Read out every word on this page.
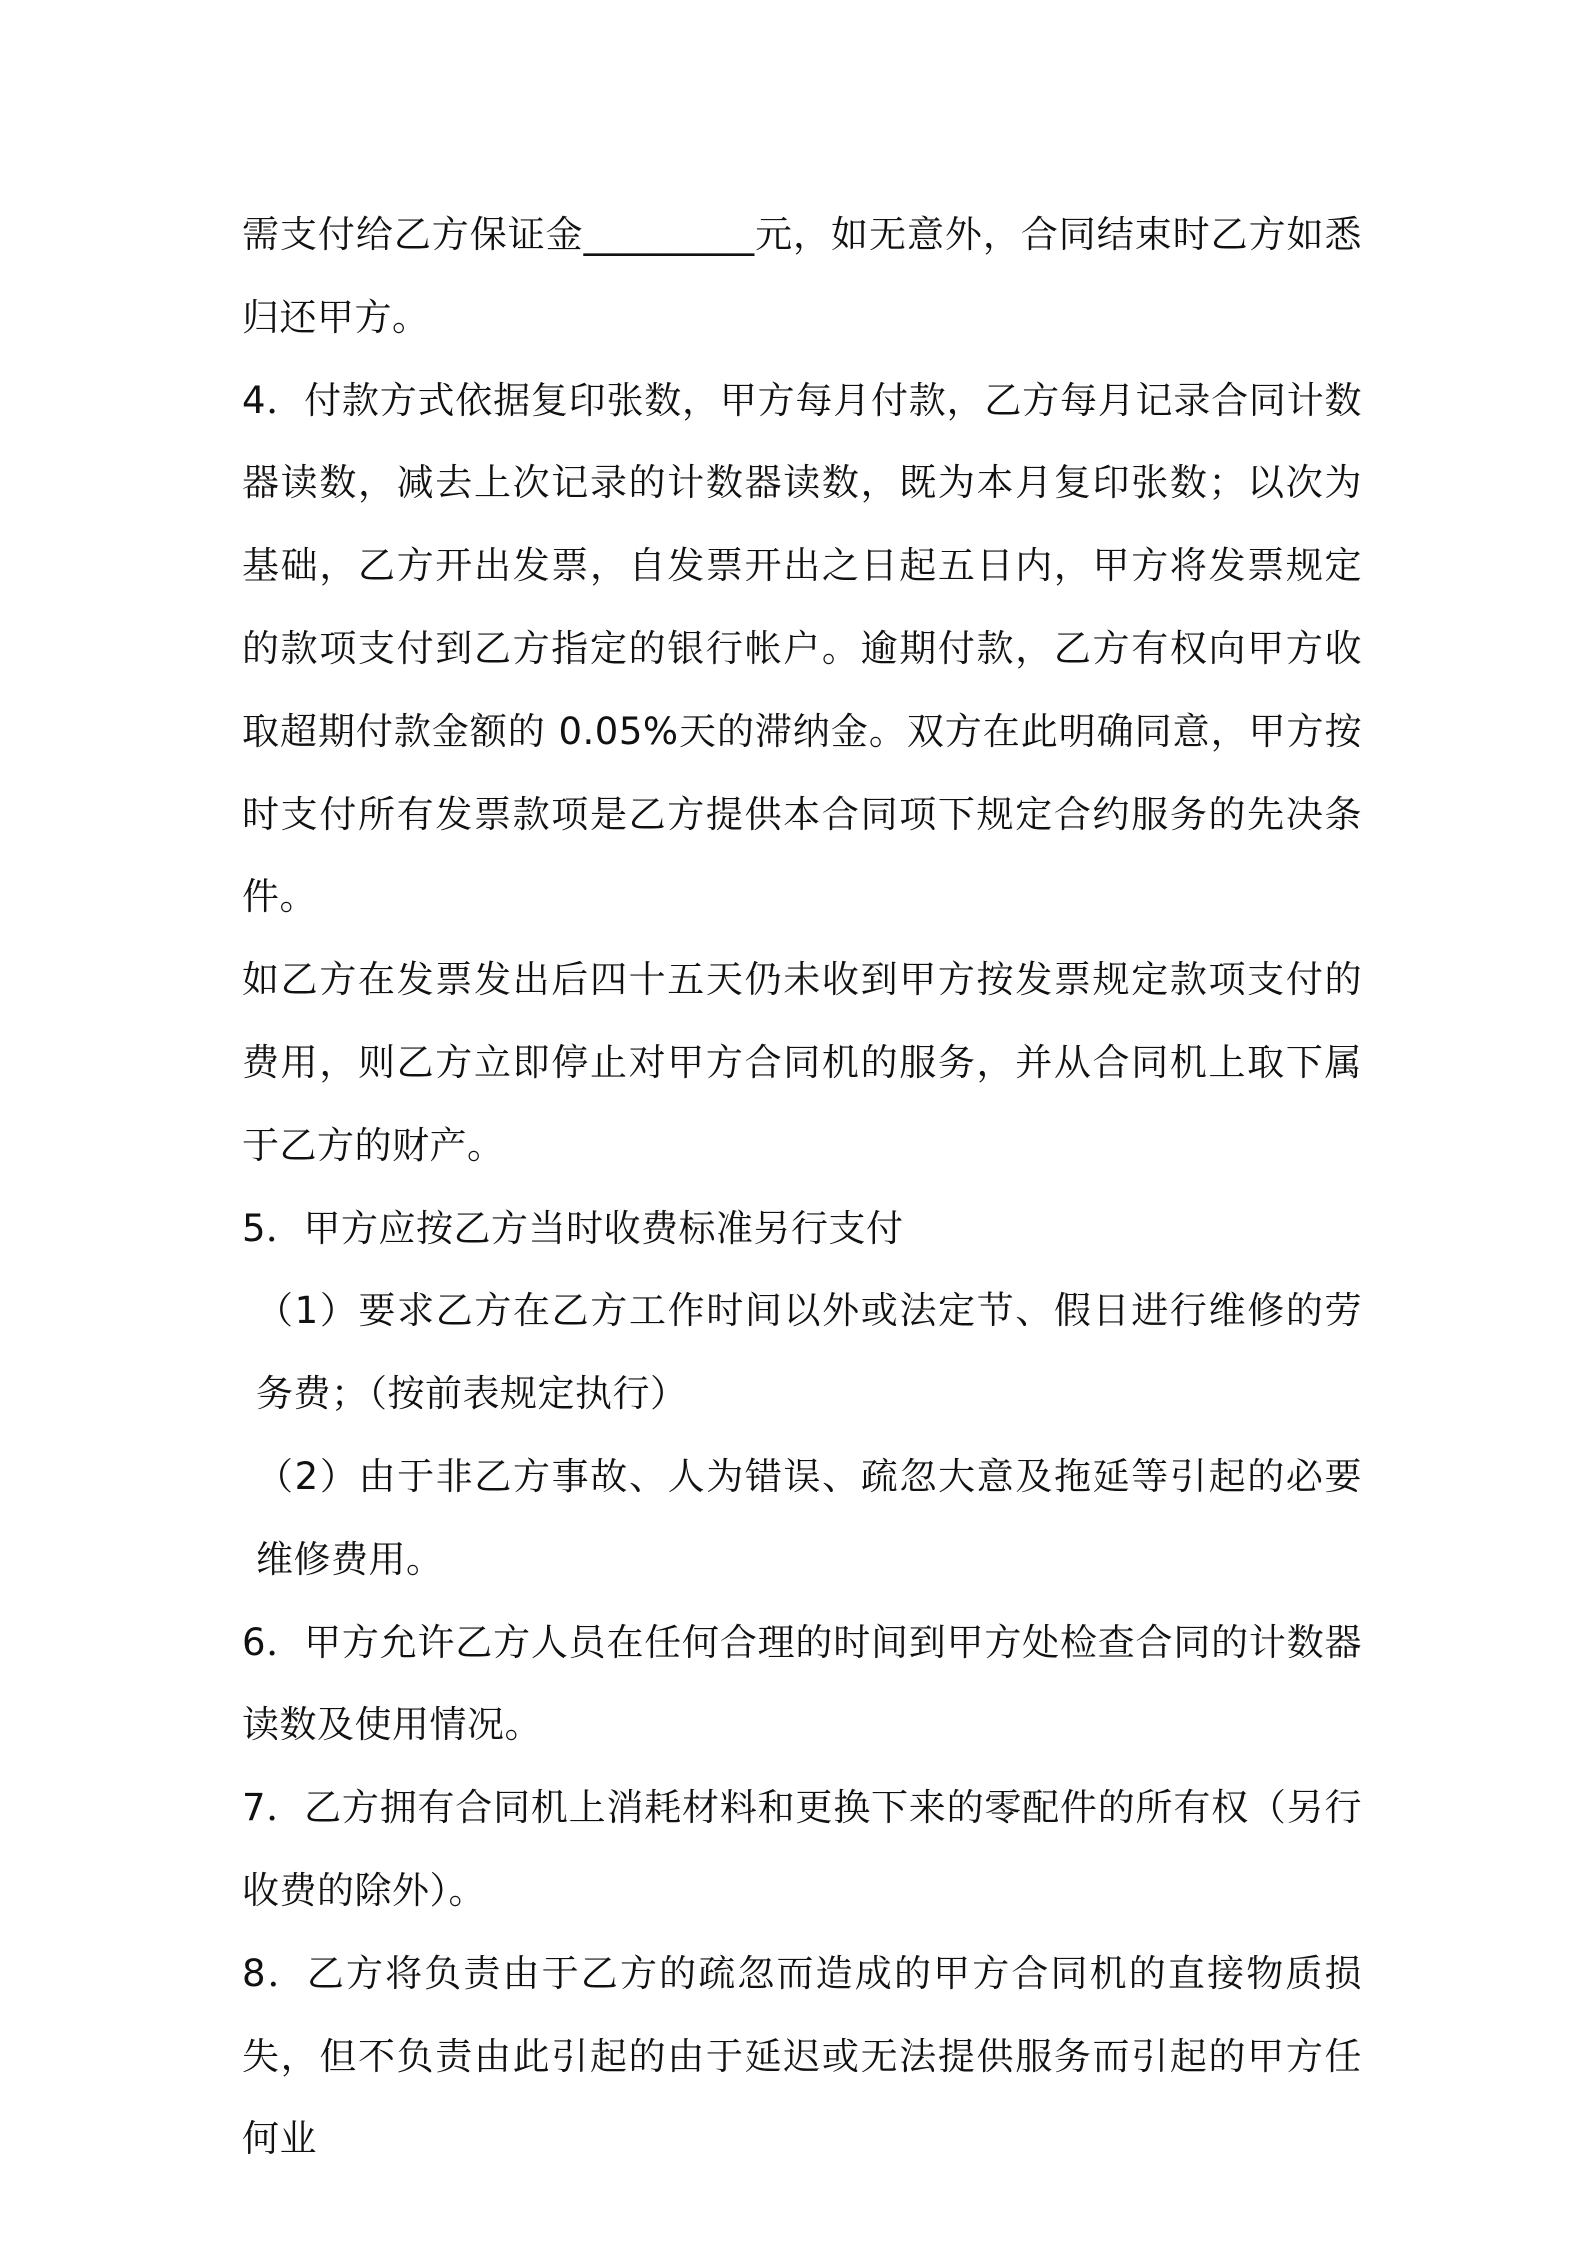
需支付给乙方保证金_________元，如无意外，合同结束时乙方如悉归还甲方。

4．付款方式依据复印张数，甲方每月付款，乙方每月记录合同计数器读数，减去上次记录的计数器读数，既为本月复印张数；以次为基础，乙方开出发票，自发票开出之日起五日内，甲方将发票规定的款项支付到乙方指定的银行帐户。逾期付款，乙方有权向甲方收取超期付款金额的 0.05%天的滞纳金。双方在此明确同意，甲方按时支付所有发票款项是乙方提供本合同项下规定合约服务的先决条件。

如乙方在发票发出后四十五天仍未收到甲方按发票规定款项支付的费用，则乙方立即停止对甲方合同机的服务，并从合同机上取下属于乙方的财产。

5．甲方应按乙方当时收费标准另行支付

（1）要求乙方在乙方工作时间以外或法定节、假日进行维修的劳务费；（按前表规定执行）

（2）由于非乙方事故、人为错误、疏忽大意及拖延等引起的必要维修费用。

6．甲方允许乙方人员在任何合理的时间到甲方处检查合同的计数器读数及使用情况。

7．乙方拥有合同机上消耗材料和更换下来的零配件的所有权（另行收费的除外）。

8．乙方将负责由于乙方的疏忽而造成的甲方合同机的直接物质损失，但不负责由此引起的由于延迟或无法提供服务而引起的甲方任何业
